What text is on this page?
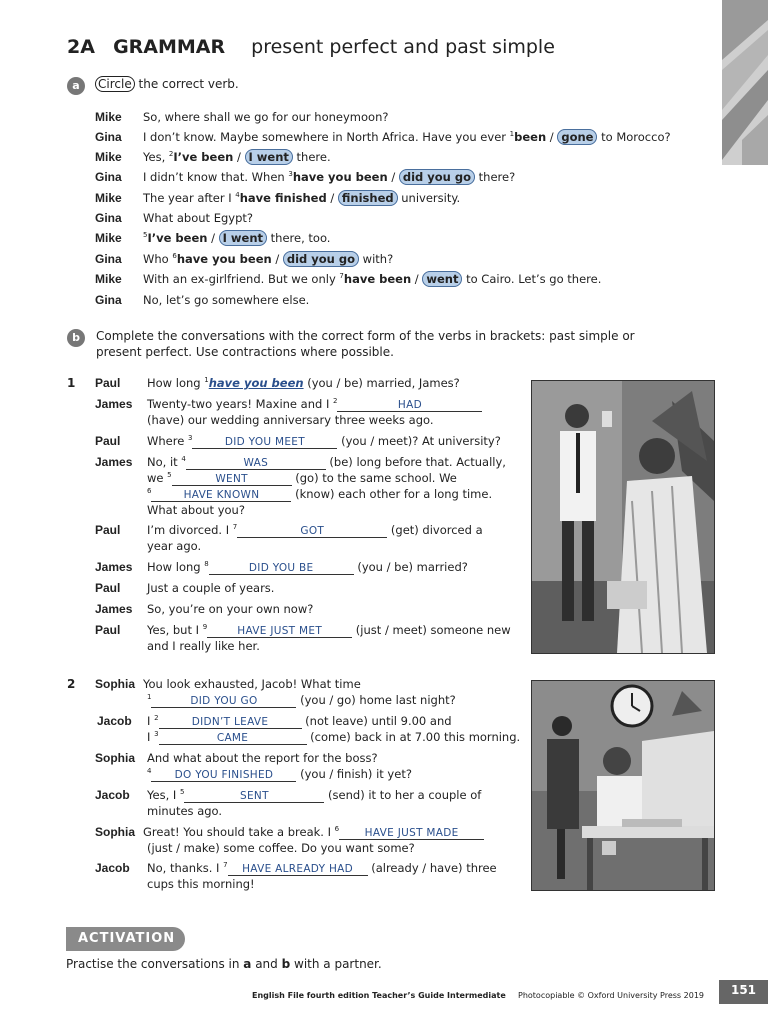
2A GRAMMAR present perfect and past simple
a	Circle the correct verb.
Mike So, where shall we go for our honeymoon?
Gina I don’t know. Maybe somewhere in North Africa. Have you ever $^1$been / gone to Morocco?
Mike Yes, $^2$I’ve been / I went there.
Gina I didn’t know that. When $^3$have you been / did you go there?
Mike The year after I $^4$have finished / finished university.
Gina What about Egypt?
Mike	$^5$I’ve been / I went there, too.
Gina Who $^6$have you been / did you go with?
Mike With an ex-girlfriend. But we only $^7$have been / went to Cairo. Let’s go there.
Gina No, let’s go somewhere else.
b	Complete the conversations with the correct form of the verbs in brackets: past simple or
present perfect. Use contractions where possible.
1 Paul How long $^1$have you been (you / be) married, James?
James Twenty-two years! Maxine and I $^2$	HAD
(have) our wedding anniversary three weeks ago.
Paul Where $^3$	DID YOU MEET	(you / meet)? At university?
James No, it $^4$	WAS	(be) long before that. Actually,
we $^5$	WENT	(go) to the same school. We
$^6$	HAVE KNOWN	(know) each other for a long time.
What about you?
Paul I’m divorced. I $^7$	GOT	(get) divorced a
year ago.
James How long $^8$	DID YOU BE	(you / be) married?
Paul Just a couple of years.
James So, you’re on your own now?
Paul Yes, but I $^9$	HAVE JUST MET	(just / meet) someone new
and I really like her.
2 Sophia You look exhausted, Jacob! What time
$^1$	DID YOU GO	(you / go) home last night?
Jacob I $^2$	DIDN’T LEAVE	(not leave) until 9.00 and
I $^3$	CAME	(come) back in at 7.00 this morning.
Sophia And what about the report for the boss?
$^4$ DO YOU FINISHED (you / finish) it yet?
Jacob Yes, I $^5$	SENT	(send) it to her a couple of
minutes ago.
Sophia Great! You should take a break. I $^6$ HAVE JUST MADE
(just / make) some coffee. Do you want some?
Jacob No, thanks. I $^7$ HAVE ALREADY HAD (already / have) three
cups this morning!
ACTIVATION
Practise the conversations in a and b with a partner.
English File fourth edition Teacher’s Guide Intermediate Photocopiable © Oxford University Press 2019	151
